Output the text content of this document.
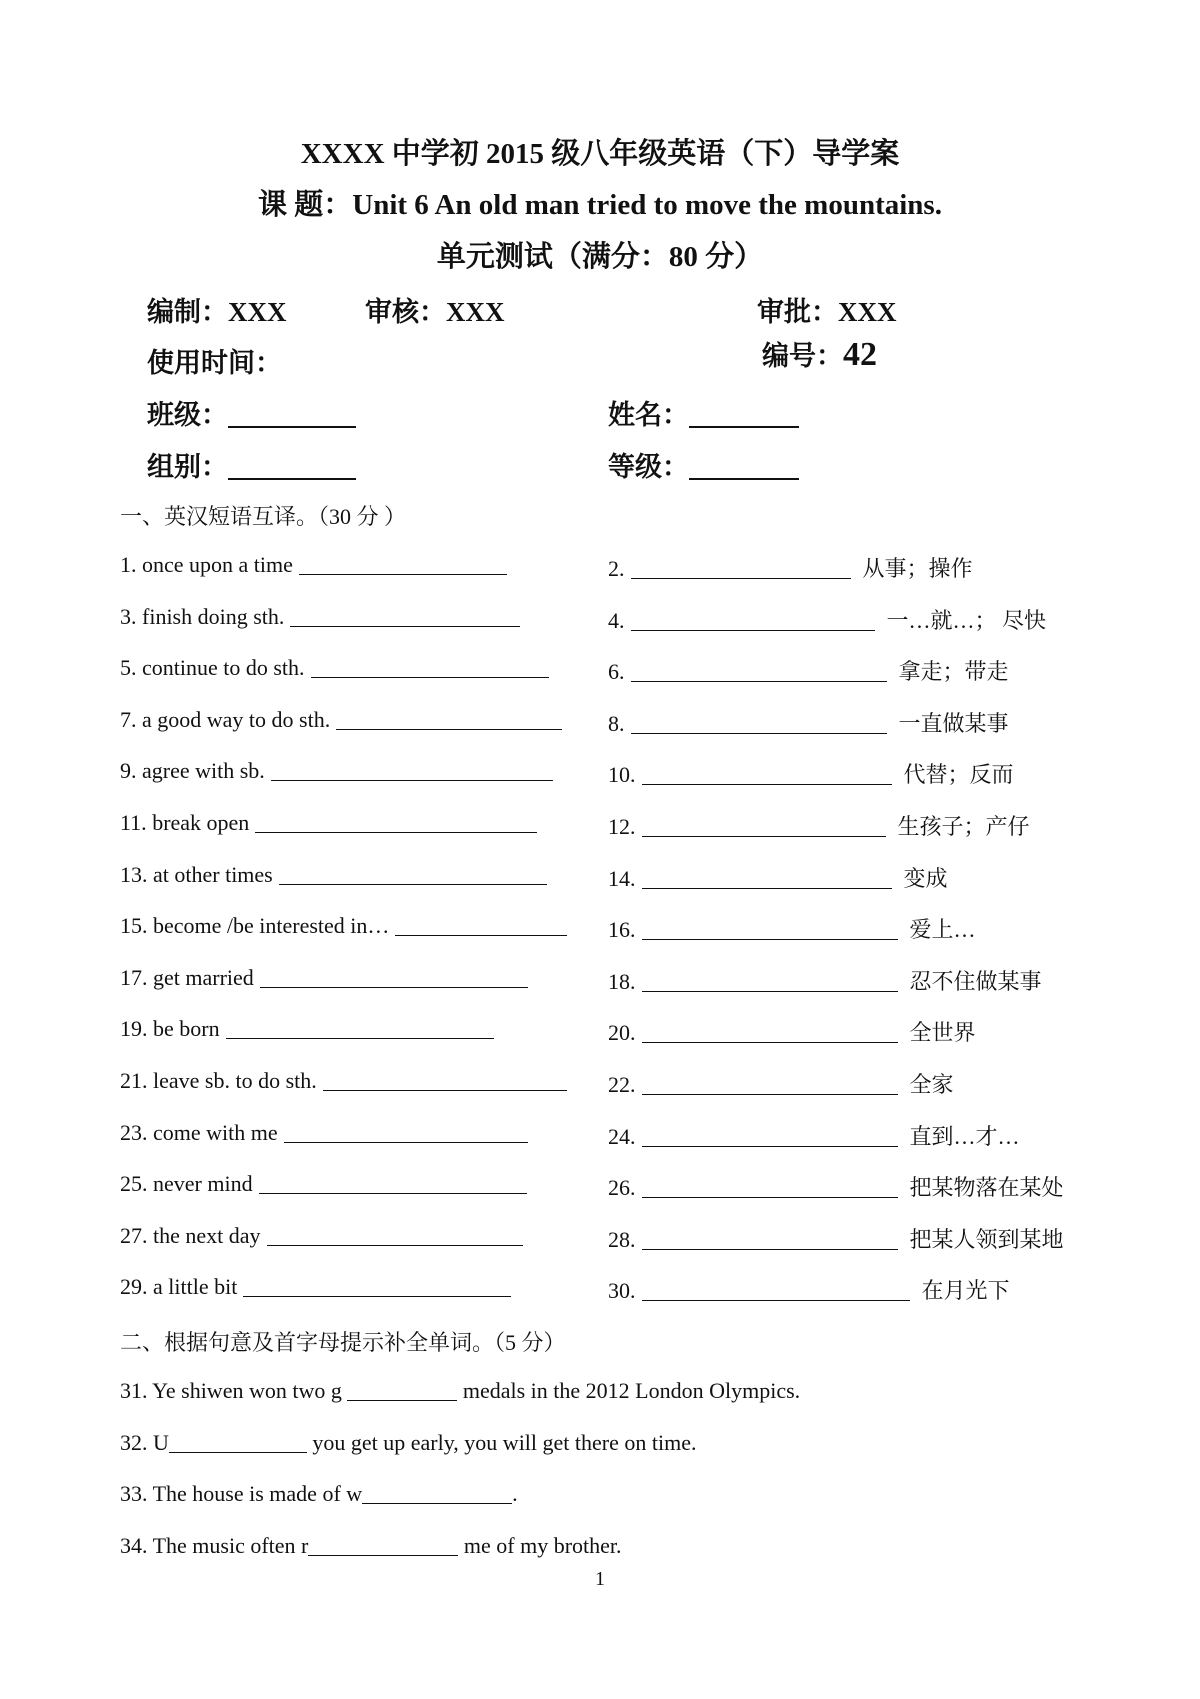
XXXX 中学初 2015 级八年级英语（下）导学案
课 题：Unit 6 An old man tried to move the mountains.
单元测试（满分：80 分）
编制：XXX	审核：XXX	审批：XXX
使用时间：	编号：42
班级：	姓名：
组别：	等级：
一、英汉短语互译。（30 分 ）
1. once upon a time	2.	从事；操作
3. finish doing sth.	4.	一…就…； 尽快
5. continue to do sth.	6.	拿走；带走
7. a good way to do sth.	8.	一直做某事
9. agree with sb.	10.	代替；反而
11. break open	12.	生孩子；产仔
13. at other times	14.	变成
15. become /be interested in…	16.	爱上…
17. get married	18.	忍不住做某事
19. be born	20.	全世界
21. leave sb. to do sth.	22.	全家
23. come with me	24.	直到…才…
25. never mind	26.	把某物落在某处
27. the next day	28.	把某人领到某地
29. a little bit	30.	在月光下
二、根据句意及首字母提示补全单词。（5 分）
31. Ye shiwen won two g	medals in the 2012 London Olympics.
32. U	you get up early, you will get there on time.
33. The house is made of w	.
34. The music often r	me of my brother.
1
